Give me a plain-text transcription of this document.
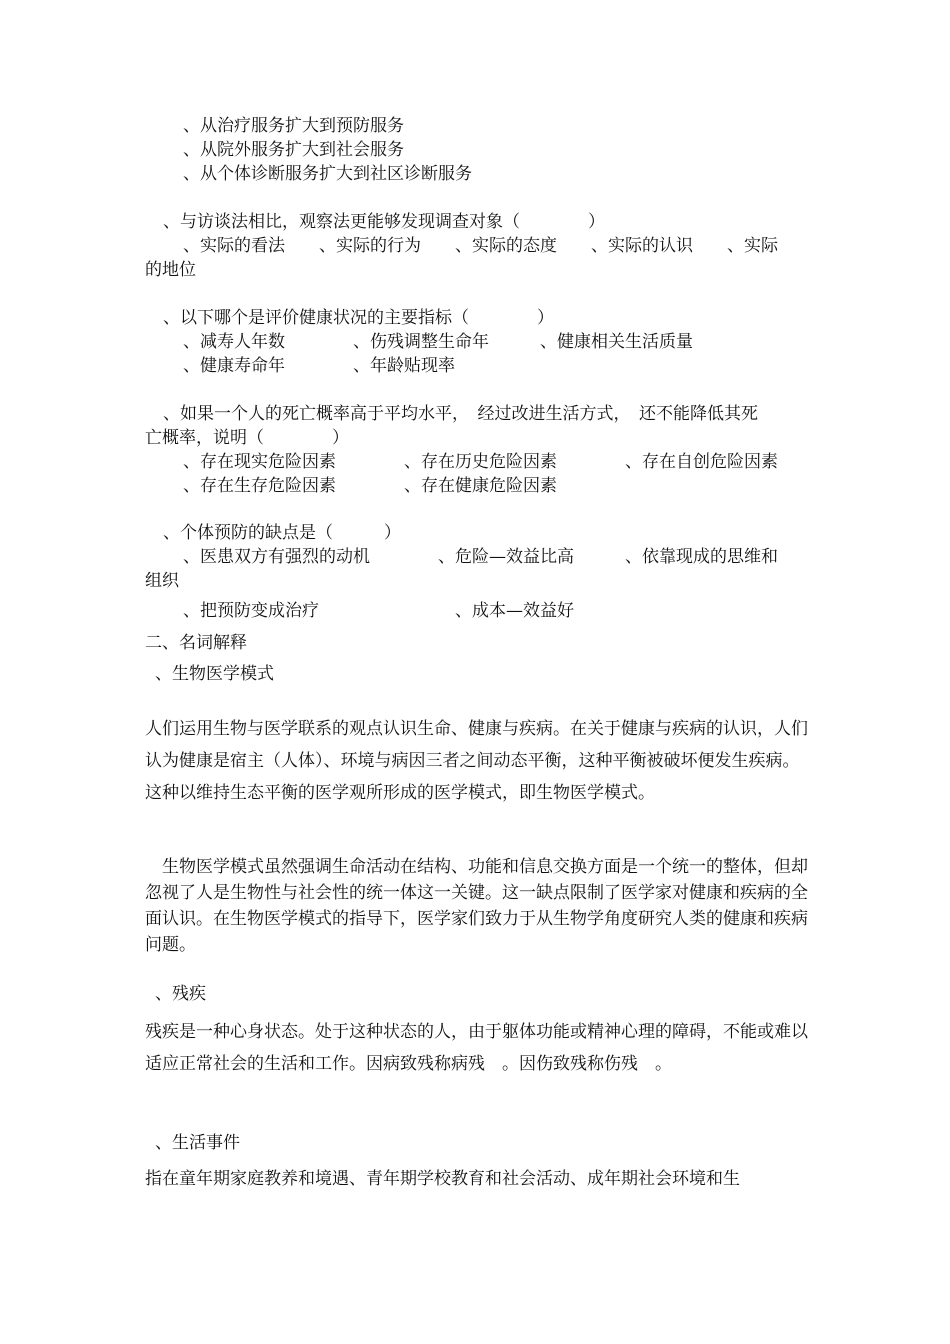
、从治疗服务扩大到预防服务
、从院外服务扩大到社会服务
、从个体诊断服务扩大到社区诊断服务
、与访谈法相比，观察法更能够发现调查对象（　　　　）
、实际的看法　　、实际的行为　　、实际的态度　　、实际的认识　　、实际
的地位
、以下哪个是评价健康状况的主要指标（　　　　）
、减寿人年数　　　　、伤残调整生命年　　　、健康相关生活质量
、健康寿命年　　　　、年龄贴现率
、如果一个人的死亡概率高于平均水平，　经过改进生活方式，　还不能降低其死
亡概率，说明（　　　　）
、存在现实危险因素　　　　、存在历史危险因素　　　　、存在自创危险因素
、存在生存危险因素　　　　、存在健康危险因素
、个体预防的缺点是（　　　）
、医患双方有强烈的动机　　　　、危险—效益比高　　　、依靠现成的思维和
组织
、把预防变成治疗　　　　　　　　、成本—效益好
二、名词解释
、生物医学模式
人们运用生物与医学联系的观点认识生命、健康与疾病。在关于健康与疾病的认识，人们认为健康是宿主（人体）、环境与病因三者之间动态平衡，这种平衡被破坏便发生疾病。这种以维持生态平衡的医学观所形成的医学模式，即生物医学模式。
　生物医学模式虽然强调生命活动在结构、功能和信息交换方面是一个统一的整体，但却忽视了人是生物性与社会性的统一体这一关键。这一缺点限制了医学家对健康和疾病的全面认识。在生物医学模式的指导下，医学家们致力于从生物学角度研究人类的健康和疾病问题。
、残疾
残疾是一种心身状态。处于这种状态的人，由于躯体功能或精神心理的障碍，不能或难以适应正常社会的生活和工作。因病致残称病残　。因伤致残称伤残　。
、生活事件
指在童年期家庭教养和境遇、青年期学校教育和社会活动、成年期社会环境和生
